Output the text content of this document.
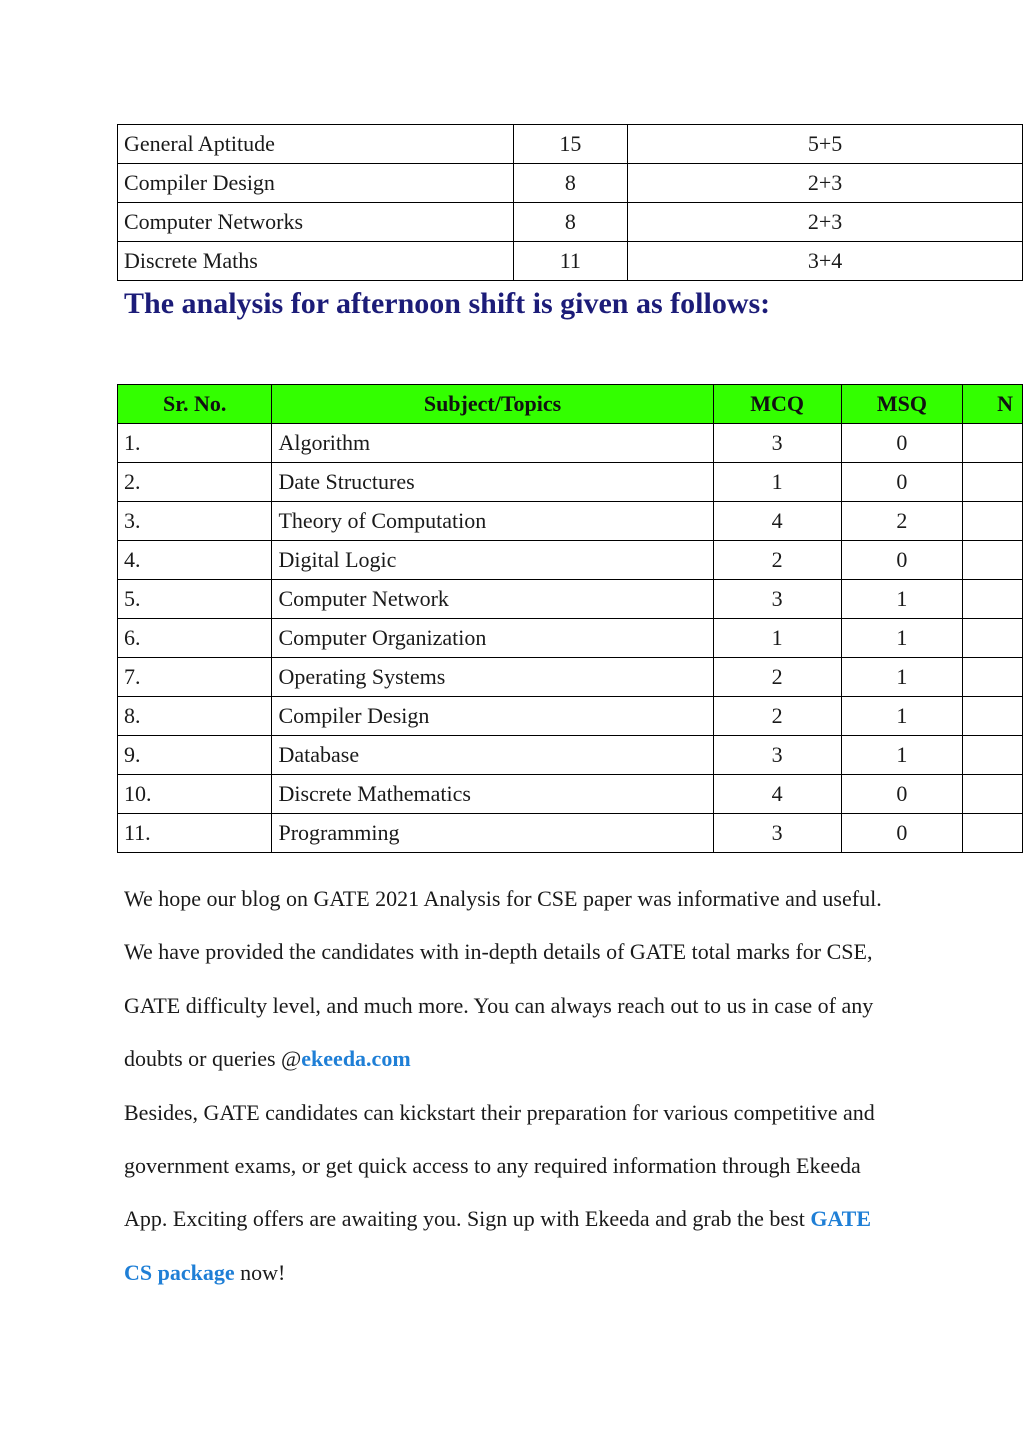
General Aptitude	15	5+5
Compiler Design	8	2+3
Computer Networks	8	2+3
Discrete Maths	11	3+4
The analysis for afternoon shift is given as follows:
Sr. No.	Subject/Topics	MCQ	MSQ	N
1.	Algorithm	3	0	
2.	Date Structures	1	0	
3.	Theory of Computation	4	2	
4.	Digital Logic	2	0	
5.	Computer Network	3	1	
6.	Computer Organization	1	1	
7.	Operating Systems	2	1	
8.	Compiler Design	2	1	
9.	Database	3	1	
10.	Discrete Mathematics	4	0	
11.	Programming	3	0	

We hope our blog on GATE 2021 Analysis for CSE paper was informative and useful. We have provided the candidates with in-depth details of GATE total marks for CSE, GATE difficulty level, and much more. You can always reach out to us in case of any doubts or queries @ekeeda.com

Besides, GATE candidates can kickstart their preparation for various competitive and government exams, or get quick access to any required information through Ekeeda App. Exciting offers are awaiting you. Sign up with Ekeeda and grab the best GATE CS package now!
